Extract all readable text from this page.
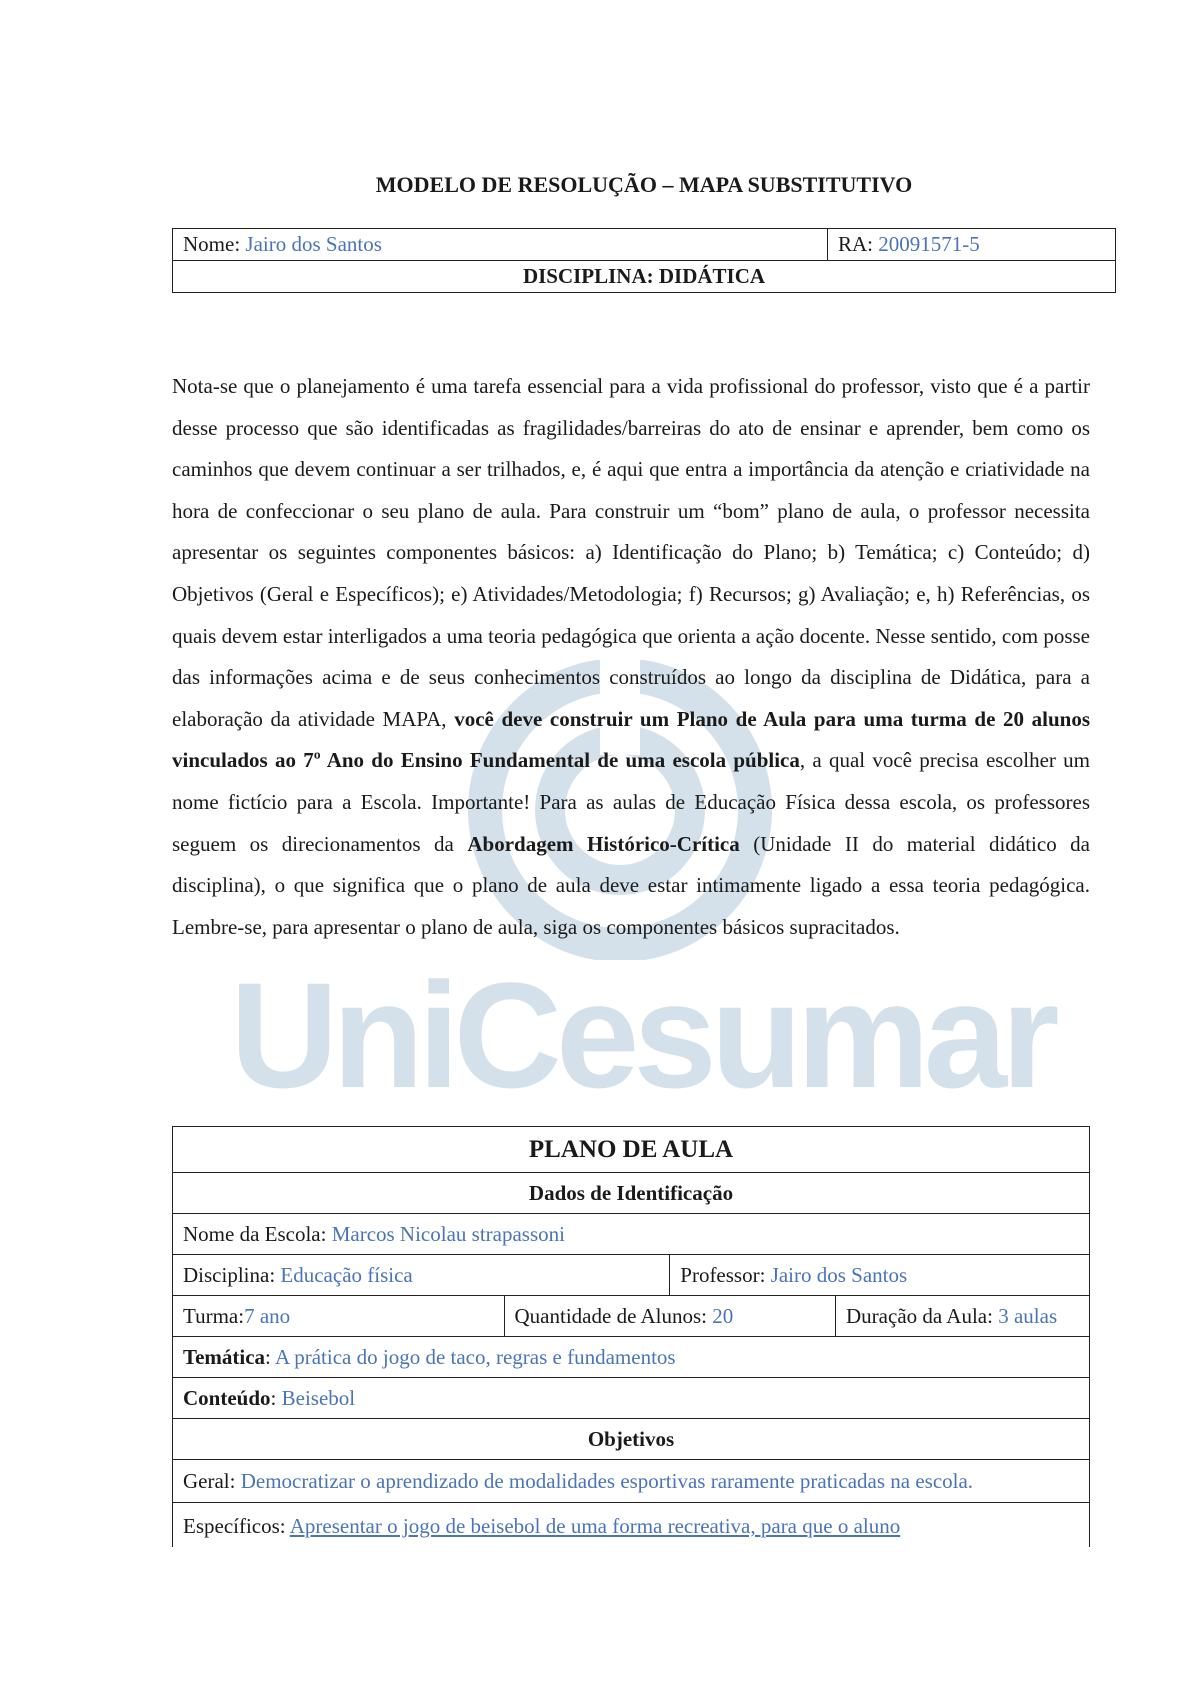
UniCesumar
MODELO DE RESOLUÇÃO – MAPA SUBSTITUTIVO
Nome: Jairo dos Santos	RA: 20091571-5
DISCIPLINA: DIDÁTICA

Nota-se que o planejamento é uma tarefa essencial para a vida profissional do professor, visto que é a partir desse processo que são identificadas as fragilidades/barreiras do ato de ensinar e aprender, bem como os caminhos que devem continuar a ser trilhados, e, é aqui que entra a importância da atenção e criatividade na hora de confeccionar o seu plano de aula. Para construir um “bom” plano de aula, o professor necessita apresentar os seguintes componentes básicos: a) Identificação do Plano; b) Temática; c) Conteúdo; d) Objetivos (Geral e Específicos); e) Atividades/Metodologia; f) Recursos; g) Avaliação; e, h) Referências, os quais devem estar interligados a uma teoria pedagógica que orienta a ação docente. Nesse sentido, com posse das informações acima e de seus conhecimentos construídos ao longo da disciplina de Didática, para a elaboração da atividade MAPA, você deve construir um Plano de Aula para uma turma de 20 alunos vinculados ao 7º Ano do Ensino Fundamental de uma escola pública, a qual você precisa escolher um nome fictício para a Escola. Importante! Para as aulas de Educação Física dessa escola, os professores seguem os direcionamentos da Abordagem Histórico-Crítica (Unidade II do material didático da disciplina), o que significa que o plano de aula deve estar intimamente ligado a essa teoria pedagógica. Lembre-se, para apresentar o plano de aula, siga os componentes básicos supracitados.

PLANO DE AULA			
Dados de Identificação			
Nome da Escola: Marcos Nicolau strapassoni			
Disciplina: Educação física		Professor: Jairo dos Santos	
Turma:7 ano	Quantidade de Alunos: 20		Duração da Aula: 3 aulas
Temática: A prática do jogo de taco, regras e fundamentos			
Conteúdo: Beisebol			
Objetivos			
Geral: Democratizar o aprendizado de modalidades esportivas raramente praticadas na escola.			
Específicos: Apresentar o jogo de beisebol de uma forma recreativa, para que o aluno			
